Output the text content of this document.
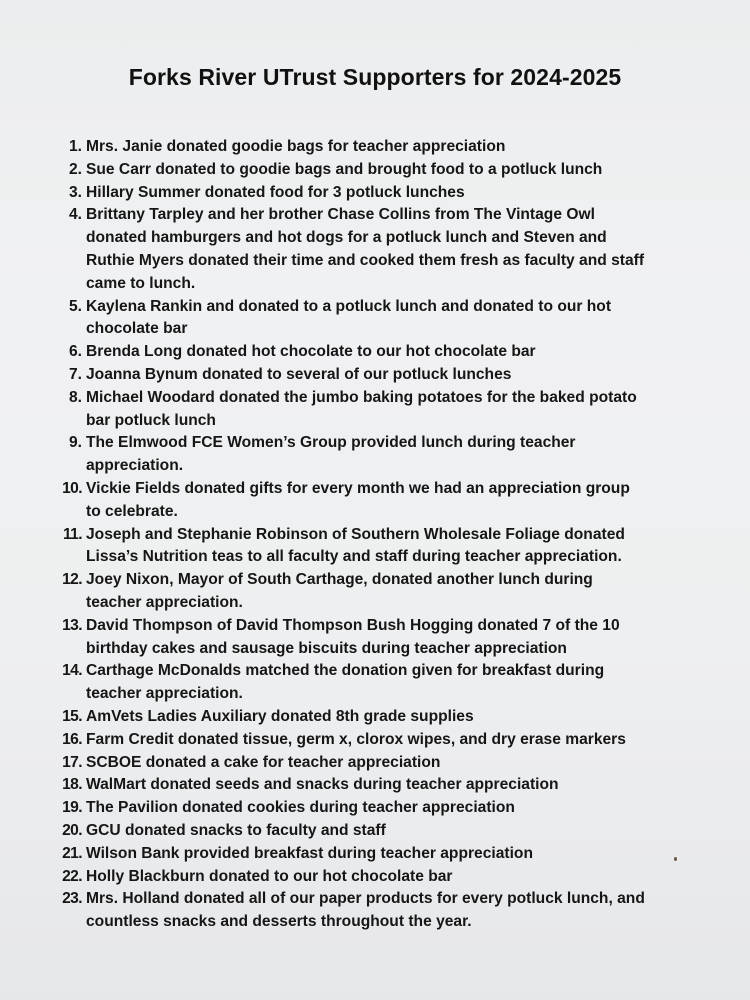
Forks River UTrust Supporters for 2024-2025
1. Mrs. Janie donated goodie bags for teacher appreciation
2. Sue Carr donated to goodie bags and brought food to a potluck lunch
3. Hillary Summer donated food for 3 potluck lunches
4. Brittany Tarpley and her brother Chase Collins from The Vintage Owl
donated hamburgers and hot dogs for a potluck lunch and Steven and
Ruthie Myers donated their time and cooked them fresh as faculty and staff
came to lunch.
5. Kaylena Rankin and donated to a potluck lunch and donated to our hot
chocolate bar
6. Brenda Long donated hot chocolate to our hot chocolate bar
7. Joanna Bynum donated to several of our potluck lunches
8. Michael Woodard donated the jumbo baking potatoes for the baked potato
bar potluck lunch
9. The Elmwood FCE Women’s Group provided lunch during teacher
appreciation.
10. Vickie Fields donated gifts for every month we had an appreciation group
to celebrate.
11. Joseph and Stephanie Robinson of Southern Wholesale Foliage donated
Lissa’s Nutrition teas to all faculty and staff during teacher appreciation.
12. Joey Nixon, Mayor of South Carthage, donated another lunch during
teacher appreciation.
13. David Thompson of David Thompson Bush Hogging donated 7 of the 10
birthday cakes and sausage biscuits during teacher appreciation
14. Carthage McDonalds matched the donation given for breakfast during
teacher appreciation.
15. AmVets Ladies Auxiliary donated 8th grade supplies
16. Farm Credit donated tissue, germ x, clorox wipes, and dry erase markers
17. SCBOE donated a cake for teacher appreciation
18. WalMart donated seeds and snacks during teacher appreciation
19. The Pavilion donated cookies during teacher appreciation
20. GCU donated snacks to faculty and staff
21. Wilson Bank provided breakfast during teacher appreciation
22. Holly Blackburn donated to our hot chocolate bar
23. Mrs. Holland donated all of our paper products for every potluck lunch, and
countless snacks and desserts throughout the year.
